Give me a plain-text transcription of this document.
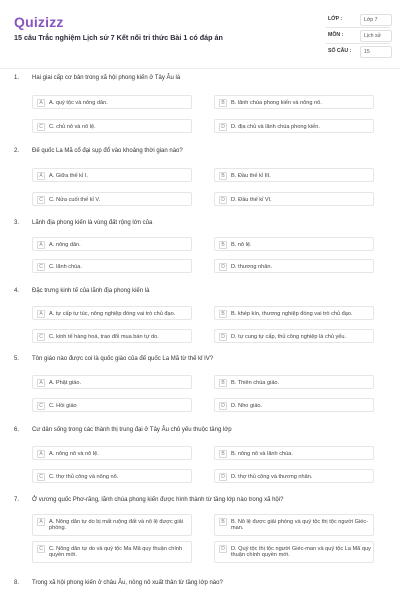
Quizizz
15 câu Trắc nghiệm Lịch sử 7 Kết nối tri thức Bài 1 có đáp án
LỚP :	Lớp 7
MÔN :	Lịch sử
SỐ CÂU :	15
1. Hai giai cấp cơ bản trong xã hội phong kiến ở Tây Âu là
A	A. quý tộc và nông dân.	B	B. lãnh chúa phong kiến và nông nô.
C	C. chủ nô và nô lệ.	D	D. địa chủ và lãnh chúa phong kiến.
2. Đế quốc La Mã cổ đại sụp đổ vào khoảng thời gian nào?
A	A. Giữa thế kỉ I.	B	B. Đầu thế kỉ III.
C	C. Nửa cuối thế kỉ V.	D	D. Đầu thế kỉ VI.
3. Lãnh địa phong kiến là vùng đất rộng lớn của
A	A. nông dân.	B	B. nô lệ.
C	C. lãnh chúa.	D	D. thương nhân.
4. Đặc trưng kinh tế của lãnh địa phong kiến là
A	A. tự cấp tự túc, nông nghiệp đóng vai trò chủ đạo.	B	B. khép kín, thương nghiệp đóng vai trò chủ đạo.
C	C. kinh tế hàng hoá, trao đổi mua bán tự do.	D	D. tự cung tự cấp, thủ công nghiệp là chủ yếu.
5. Tôn giáo nào được coi là quốc giáo của đế quốc La Mã từ thế kỉ IV?
A	A. Phật giáo.	B	B. Thiên chúa giáo.
C	C. Hồi giáo	D	D. Nho giáo.
6. Cư dân sống trong các thành thị trung đại ở Tây Âu chủ yếu thuộc tầng lớp
A	A. nông nô và nô lệ.	B	B. nông nô và lãnh chúa.
C	C. thợ thủ công và nông nô.	D	D. thợ thủ công và thương nhân.
7. Ở vương quốc Phơ-răng, lãnh chúa phong kiến được hình thành từ tầng lớp nào trong xã hội?
A	A. Nông dân tự do bị mất ruộng đất và nô lệ được giải phóng.
B	B. Nô lệ được giải phóng và quý tộc thị tộc người Giéc-man.
C	C. Nông dân tự do và quý tộc Ma Mã quy thuận chính quyền mới.
D	D. Quý tộc thị tộc người Giéc-man và quý tộc La Mã quy thuận chính quyền mới.
8. Trong xã hội phong kiến ở châu Âu, nông nô xuất thân từ tầng lớp nào?
